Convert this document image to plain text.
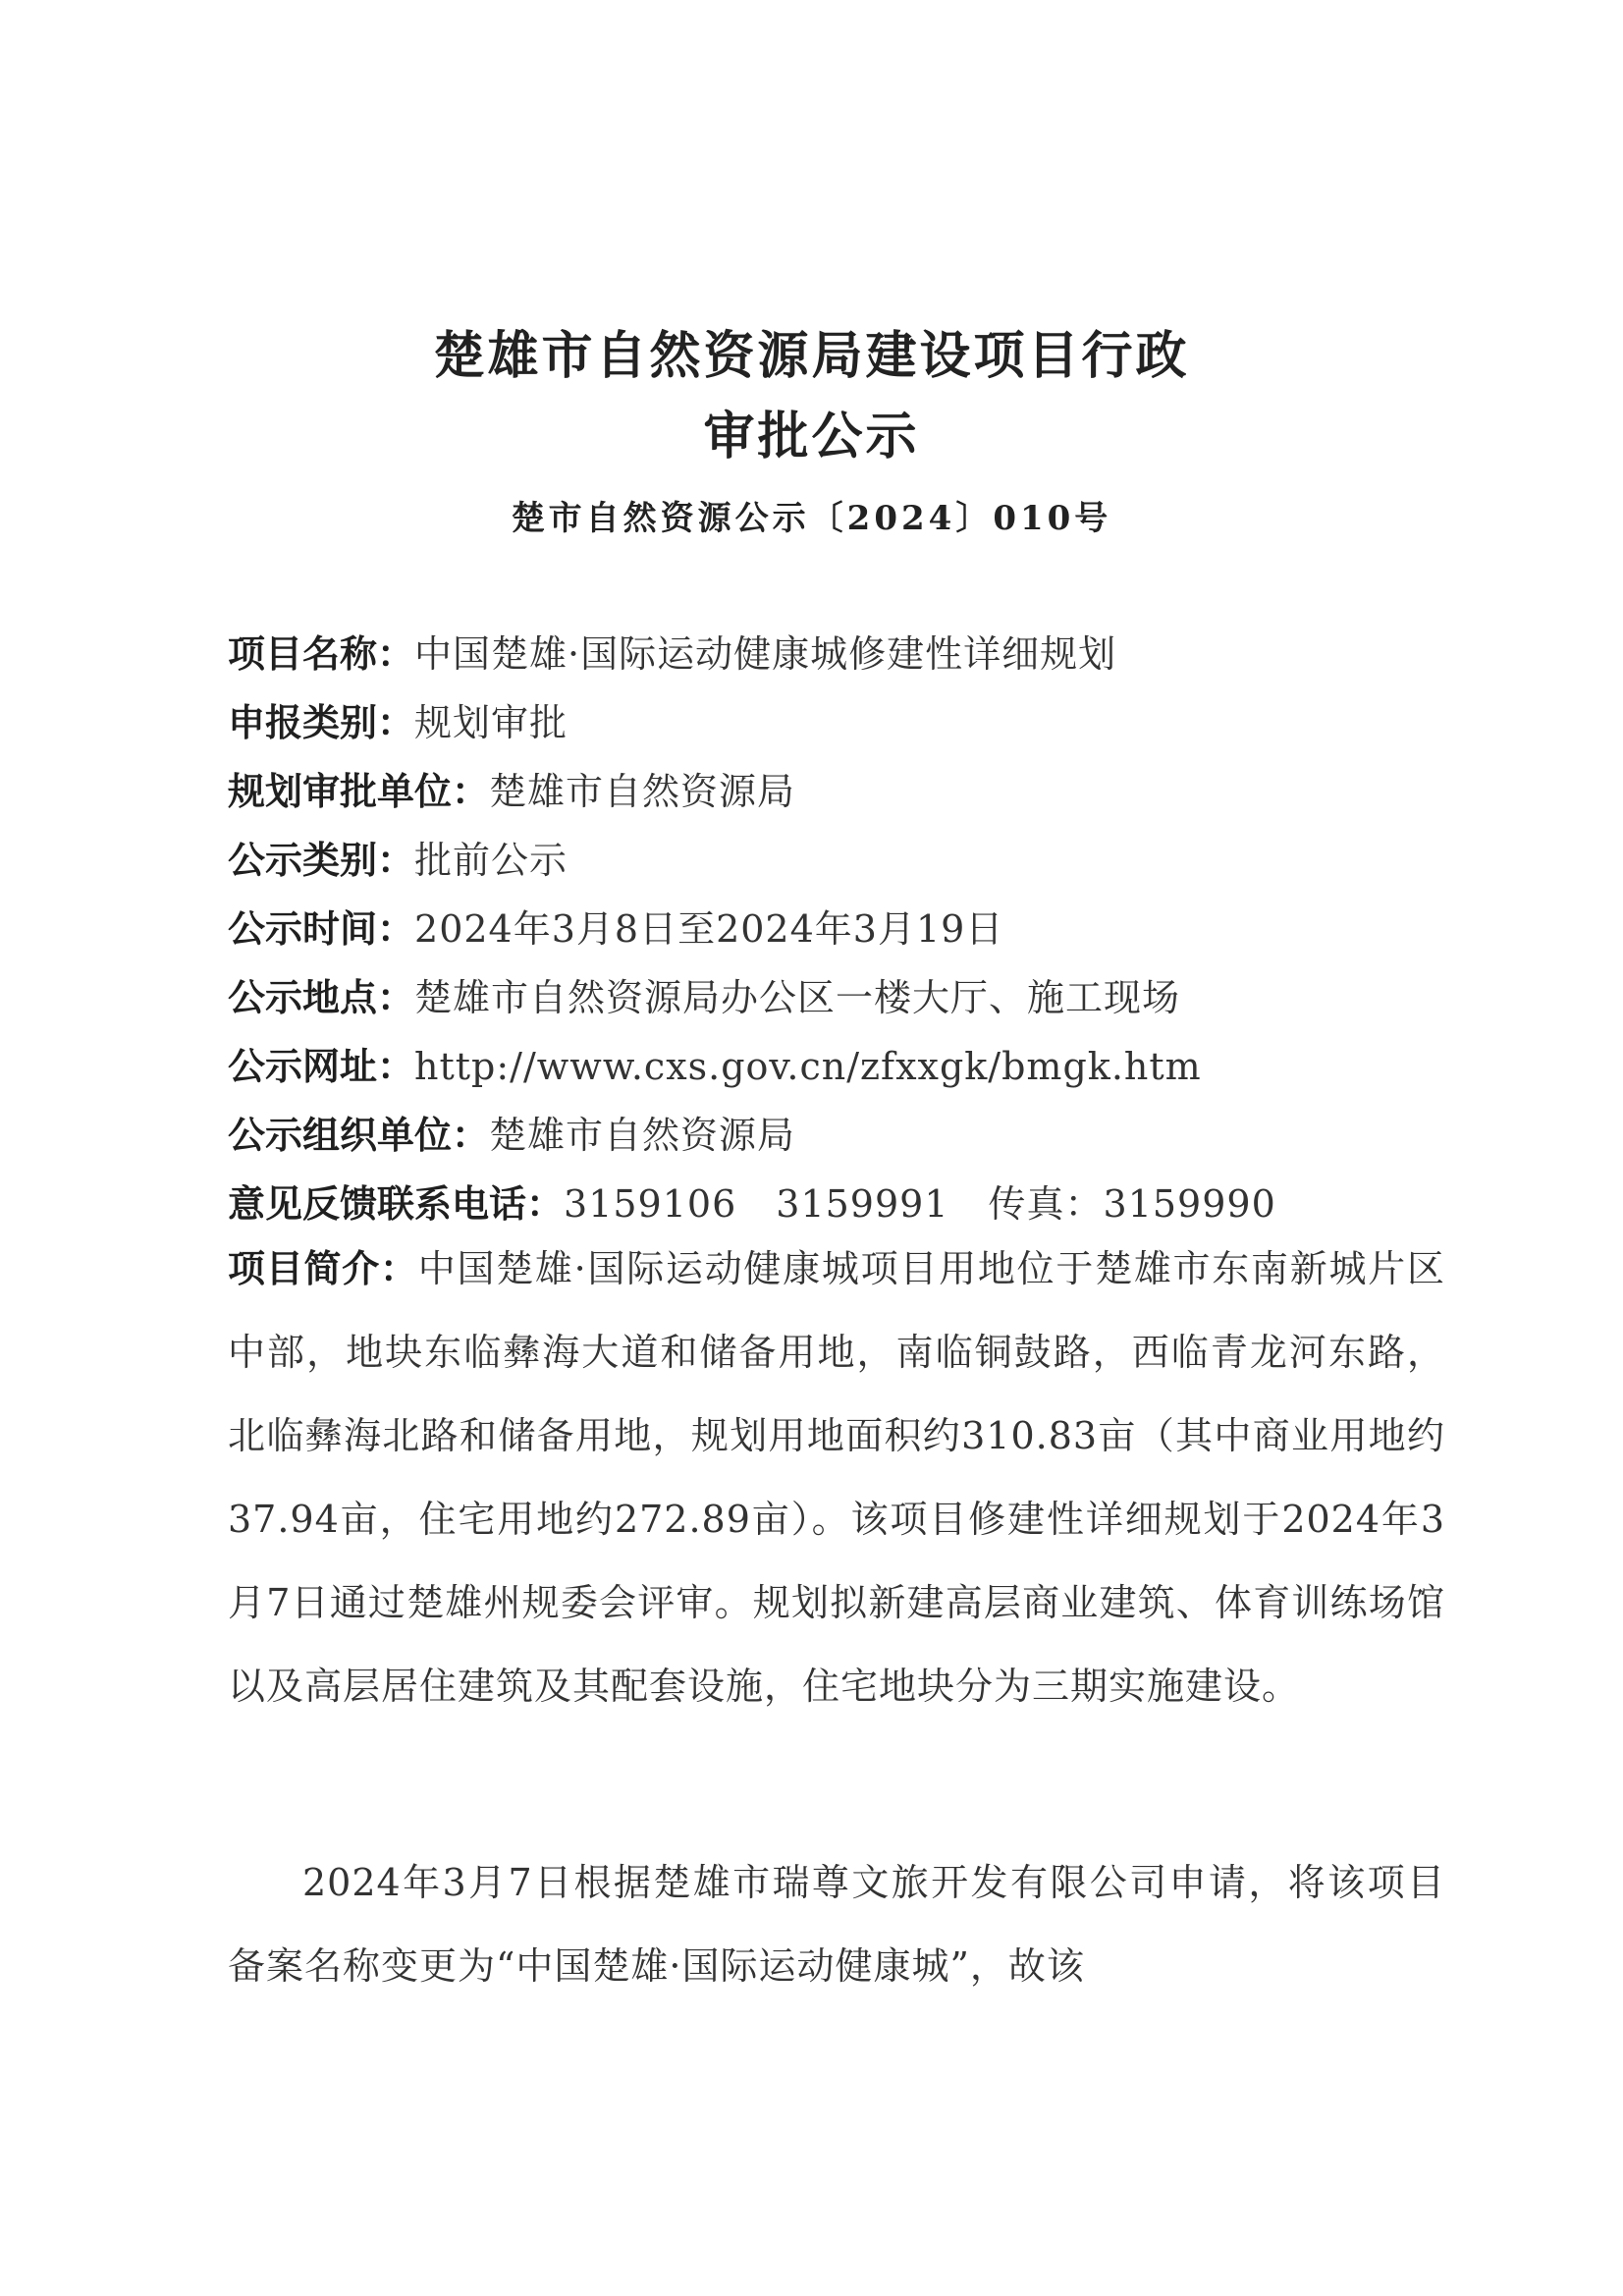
楚雄市自然资源局建设项目行政
审批公示
楚市自然资源公示〔2024〕010号
项目名称：中国楚雄·国际运动健康城修建性详细规划
申报类别：规划审批
规划审批单位：楚雄市自然资源局
公示类别：批前公示
公示时间：2024年3月8日至2024年3月19日
公示地点：楚雄市自然资源局办公区一楼大厅、施工现场
公示网址：http://www.cxs.gov.cn/zfxxgk/bmgk.htm
公示组织单位：楚雄市自然资源局
意见反馈联系电话：3159106 3159991 传真：3159990
项目简介：中国楚雄·国际运动健康城项目用地位于楚雄市东南新城片区中部，地块东临彝海大道和储备用地，南临铜鼓路，西临青龙河东路，北临彝海北路和储备用地，规划用地面积约310.83亩（其中商业用地约37.94亩，住宅用地约272.89亩）。该项目修建性详细规划于2024年3月7日通过楚雄州规委会评审。规划拟新建高层商业建筑、体育训练场馆以及高层居住建筑及其配套设施，住宅地块分为三期实施建设。
2024年3月7日根据楚雄市瑞尊文旅开发有限公司申请，将该项目备案名称变更为“中国楚雄·国际运动健康城”，故该
